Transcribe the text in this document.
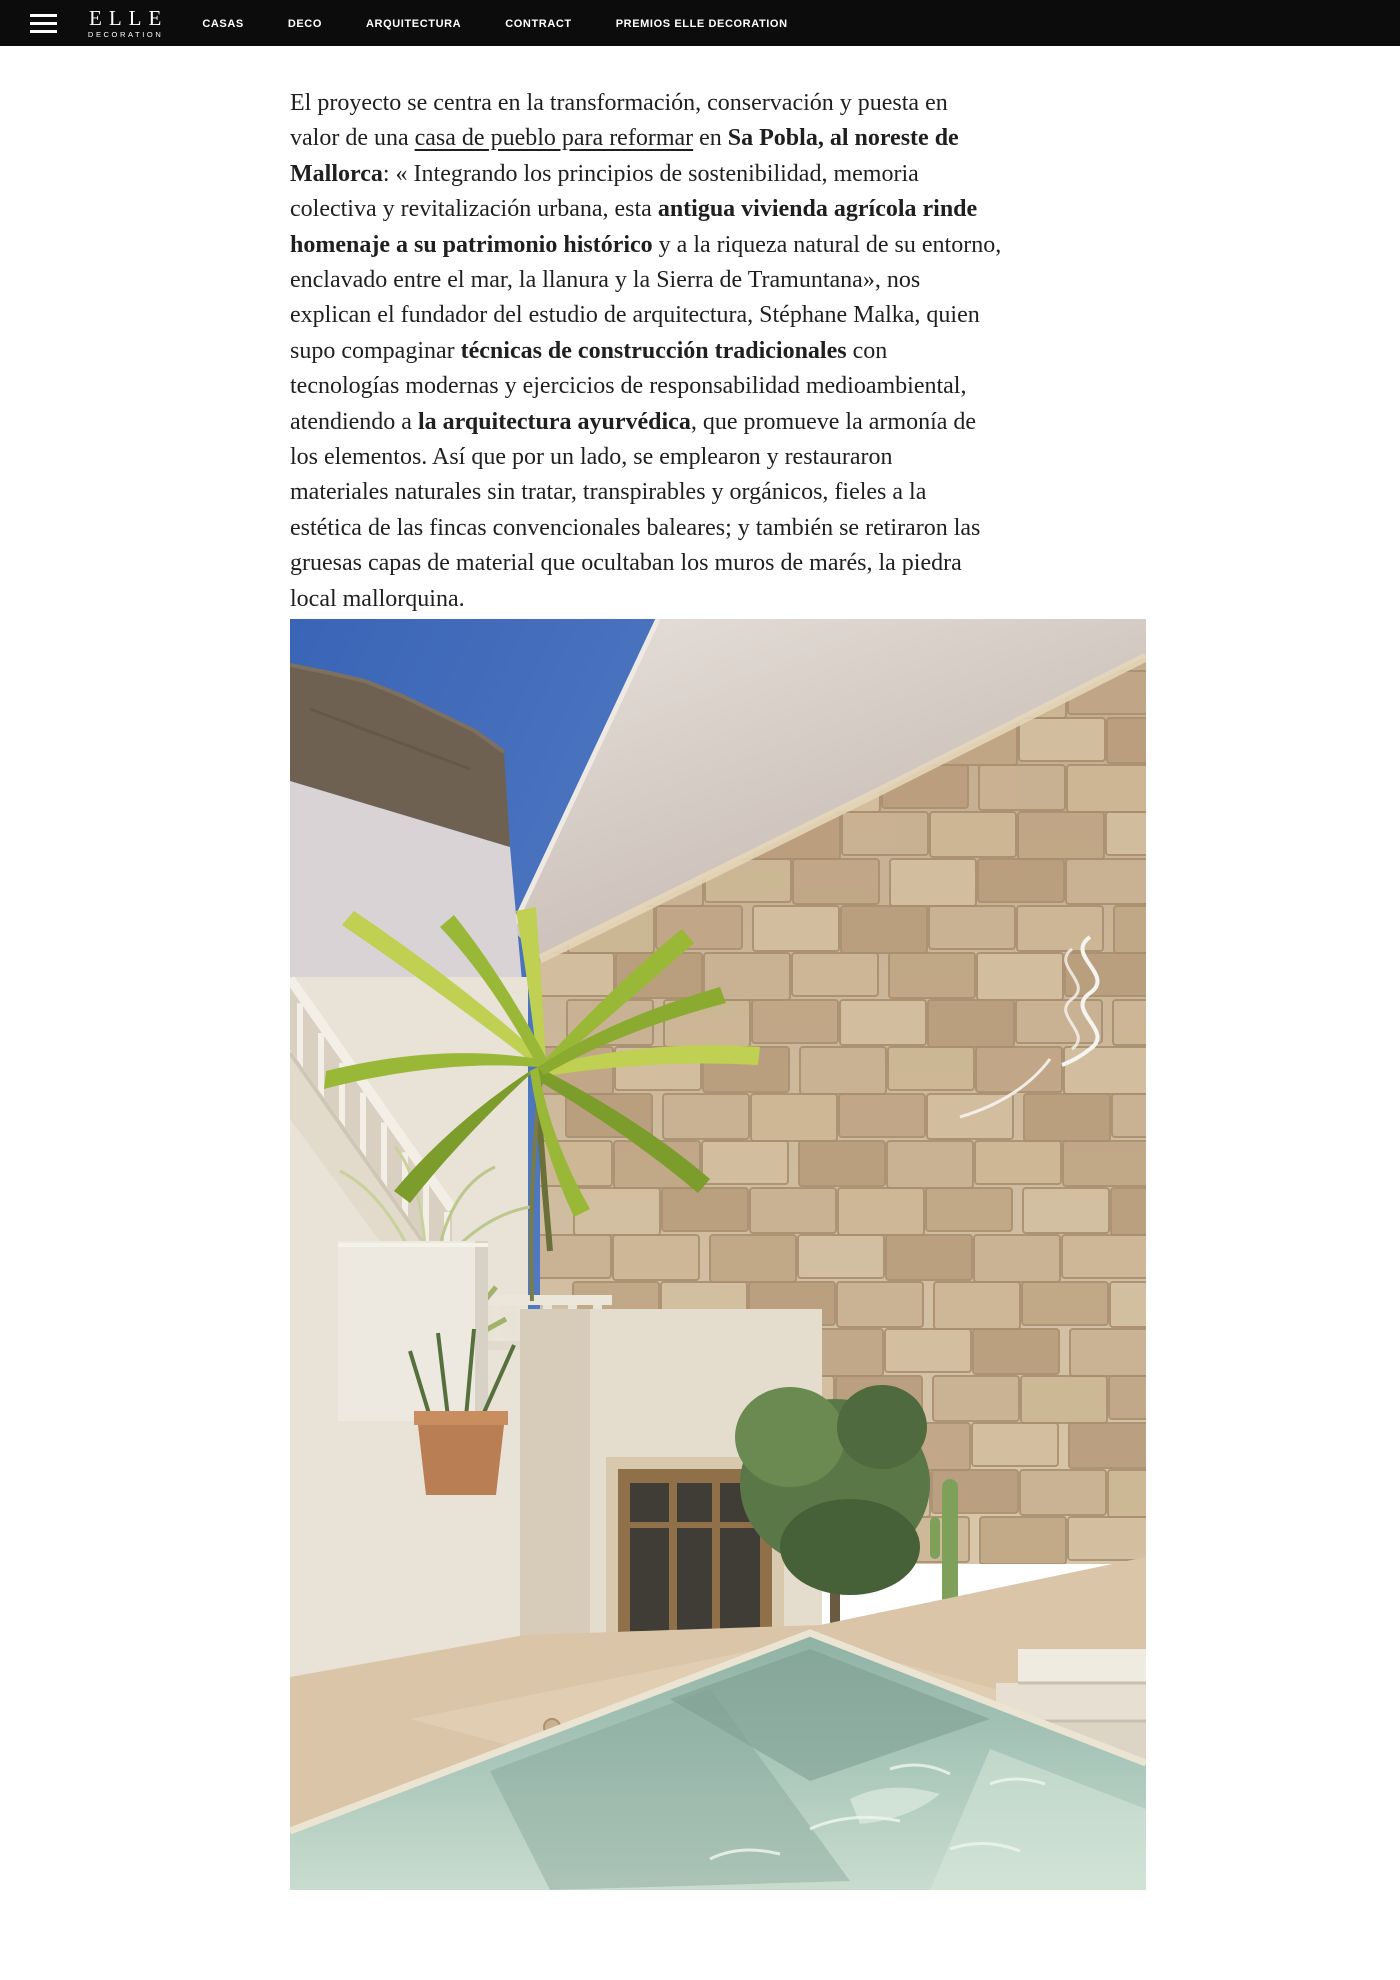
ELLE
DECORATION
CASAS	DECO	ARQUITECTURA	CONTRACT	PREMIOS ELLE DECORATION
El proyecto se centra en la transformación, conservación y puesta en
valor de una casa de pueblo para reformar en Sa Pobla, al noreste de
Mallorca: « Integrando los principios de sostenibilidad, memoria
colectiva y revitalización urbana, esta antigua vivienda agrícola rinde
homenaje a su patrimonio histórico y a la riqueza natural de su entorno,
enclavado entre el mar, la llanura y la Sierra de Tramuntana», nos
explican el fundador del estudio de arquitectura, Stéphane Malka, quien
supo compaginar técnicas de construcción tradicionales con
tecnologías modernas y ejercicios de responsabilidad medioambiental,
atendiendo a la arquitectura ayurvédica, que promueve la armonía de
los elementos. Así que por un lado, se emplearon y restauraron
materiales naturales sin tratar, transpirables y orgánicos, fieles a la
estética de las fincas convencionales baleares; y también se retiraron las
gruesas capas de material que ocultaban los muros de marés, la piedra
local mallorquina.
